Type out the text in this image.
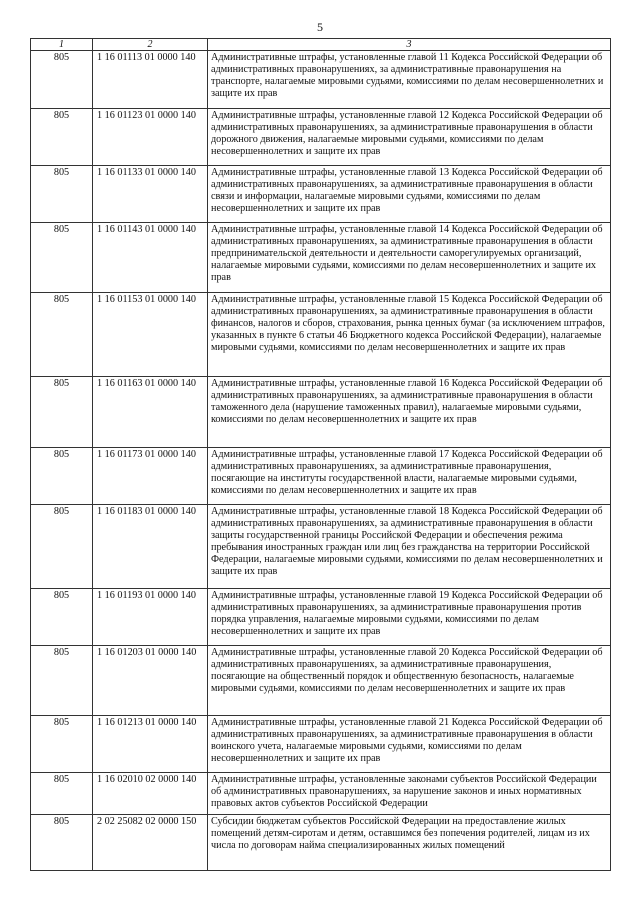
5
1	2	3
805	1 16 01113 01 0000 140	Административные штрафы, установленные главой 11 Кодекса Российской Федерации об административных правонарушениях, за административные правонарушения на транспорте, налагаемые мировыми судьями, комиссиями по делам несовершеннолетних и защите их прав
805	1 16 01123 01 0000 140	Административные штрафы, установленные главой 12 Кодекса Российской Федерации об административных правонарушениях, за административные правонарушения в области дорожного движения, налагаемые мировыми судьями, комиссиями по делам несовершеннолетних и защите их прав
805	1 16 01133 01 0000 140	Административные штрафы, установленные главой 13 Кодекса Российской Федерации об административных правонарушениях, за административные правонарушения в области связи и информации, налагаемые мировыми судьями, комиссиями по делам несовершеннолетних и защите их прав
805	1 16 01143 01 0000 140	Административные штрафы, установленные главой 14 Кодекса Российской Федерации об административных правонарушениях, за административные правонарушения в области предпринимательской деятельности и деятельности саморегулируемых организаций, налагаемые мировыми судьями, комиссиями по делам несовершеннолетних и защите их прав
805	1 16 01153 01 0000 140	Административные штрафы, установленные главой 15 Кодекса Российской Федерации об административных правонарушениях, за административные правонарушения в области финансов, налогов и сборов, страхования, рынка ценных бумаг (за исключением штрафов, указанных в пункте 6 статьи 46 Бюджетного кодекса Российской Федерации), налагаемые мировыми судьями, комиссиями по делам несовершеннолетних и защите их прав
805	1 16 01163 01 0000 140	Административные штрафы, установленные главой 16 Кодекса Российской Федерации об административных правонарушениях, за административные правонарушения в области таможенного дела (нарушение таможенных правил), налагаемые мировыми судьями, комиссиями по делам несовершеннолетних и защите их прав
805	1 16 01173 01 0000 140	Административные штрафы, установленные главой 17 Кодекса Российской Федерации об административных правонарушениях, за административные правонарушения, посягающие на институты государственной власти, налагаемые мировыми судьями, комиссиями по делам несовершеннолетних и защите их прав
805	1 16 01183 01 0000 140	Административные штрафы, установленные главой 18 Кодекса Российской Федерации об административных правонарушениях, за административные правонарушения в области защиты государственной границы Российской Федерации и обеспечения режима пребывания иностранных граждан или лиц без гражданства на территории Российской Федерации, налагаемые мировыми судьями, комиссиями по делам несовершеннолетних и защите их прав
805	1 16 01193 01 0000 140	Административные штрафы, установленные главой 19 Кодекса Российской Федерации об административных правонарушениях, за административные правонарушения против порядка управления, налагаемые мировыми судьями, комиссиями по делам несовершеннолетних и защите их прав
805	1 16 01203 01 0000 140	Административные штрафы, установленные главой 20 Кодекса Российской Федерации об административных правонарушениях, за административные правонарушения, посягающие на общественный порядок и общественную безопасность, налагаемые мировыми судьями, комиссиями по делам несовершеннолетних и защите их прав
805	1 16 01213 01 0000 140	Административные штрафы, установленные главой 21 Кодекса Российской Федерации об административных правонарушениях, за административные правонарушения в области воинского учета, налагаемые мировыми судьями, комиссиями по делам несовершеннолетних и защите их прав
805	1 16 02010 02 0000 140	Административные штрафы, установленные законами субъектов Российской Федерации об административных правонарушениях, за нарушение законов и иных нормативных правовых актов субъектов Российской Федерации
805	2 02 25082 02 0000 150	Субсидии бюджетам субъектов Российской Федерации на предоставление жилых помещений детям-сиротам и детям, оставшимся без попечения родителей, лицам из их числа по договорам найма специализированных жилых помещений
